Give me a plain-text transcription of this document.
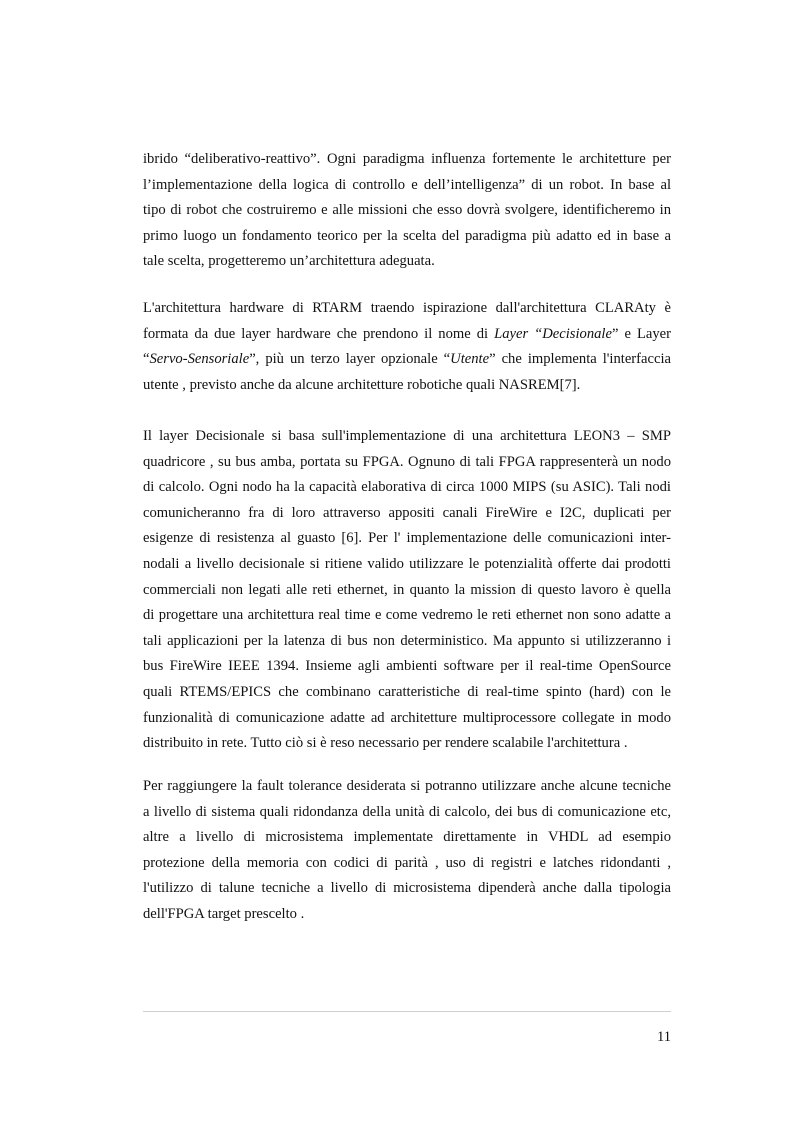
ibrido “deliberativo-reattivo”. Ogni paradigma influenza fortemente le architetture per
l’implementazione della logica di controllo e dell’intelligenza” di un robot. In base al
tipo di robot che costruiremo e alle missioni che esso dovrà svolgere, identificheremo in
primo luogo un fondamento teorico per la scelta del paradigma più adatto ed in base a
tale scelta, progetteremo un’architettura adeguata.

L'architettura hardware di RTARM traendo ispirazione dall'architettura CLARAty è
formata da due layer hardware che prendono il nome di Layer “Decisionale” e Layer
“Servo-Sensoriale”, più un terzo layer opzionale “Utente” che implementa l'interfaccia
utente , previsto anche da alcune architetture robotiche quali NASREM[7].

Il layer Decisionale si basa sull'implementazione di una architettura LEON3 – SMP
quadricore , su bus amba, portata su FPGA. Ognuno di tali FPGA rappresenterà un nodo
di calcolo. Ogni nodo ha la capacità elaborativa di circa 1000 MIPS (su ASIC). Tali nodi
comunicheranno fra di loro attraverso appositi canali FireWire e I2C, duplicati per
esigenze di resistenza al guasto [6]. Per l' implementazione delle comunicazioni inter-
nodali a livello decisionale si ritiene valido utilizzare le potenzialità offerte dai prodotti
commerciali non legati alle reti ethernet, in quanto la mission di questo lavoro è quella
di progettare una architettura real time e come vedremo le reti ethernet non sono adatte a
tali applicazioni per la latenza di bus non deterministico. Ma appunto si utilizzeranno i
bus FireWire IEEE 1394. Insieme agli ambienti software per il real-time OpenSource
quali RTEMS/EPICS che combinano caratteristiche di real-time spinto (hard) con le
funzionalità di comunicazione adatte ad architetture multiprocessore collegate in modo
distribuito in rete. Tutto ciò si è reso necessario per rendere scalabile l'architettura .

Per raggiungere la fault tolerance desiderata si potranno utilizzare anche alcune tecniche
a livello di sistema quali ridondanza della unità di calcolo, dei bus di comunicazione etc,
altre a livello di microsistema implementate direttamente in VHDL ad esempio
protezione della memoria con codici di parità , uso di registri e latches ridondanti ,
l'utilizzo di talune tecniche a livello di microsistema dipenderà anche dalla tipologia
dell'FPGA target prescelto .

11
